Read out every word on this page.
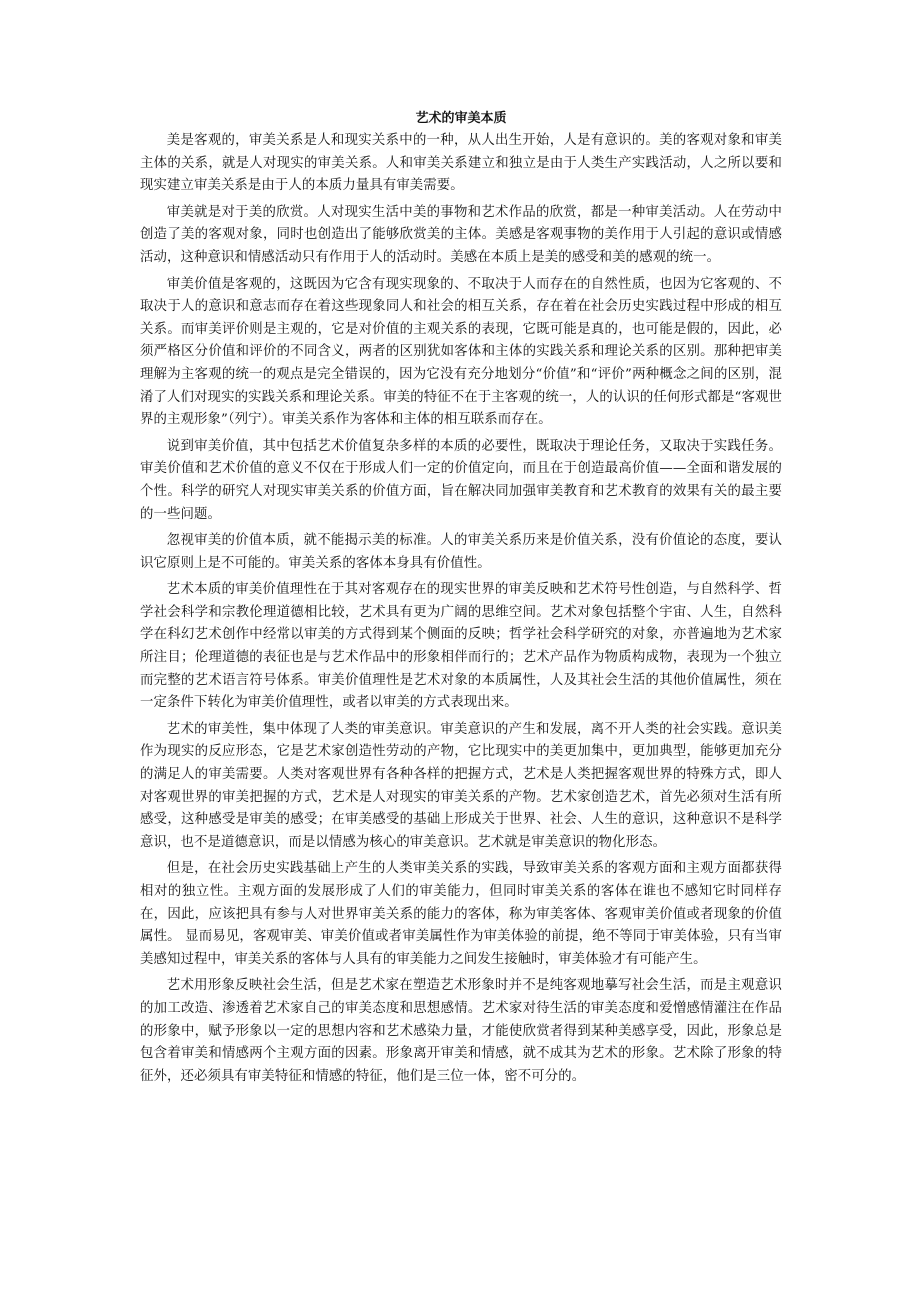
艺术的审美本质

美是客观的，审美关系是人和现实关系中的一种，从人出生开始，人是有意识的。美的客观对象和审美主体的关系，就是人对现实的审美关系。人和审美关系建立和独立是由于人类生产实践活动，人之所以要和现实建立审美关系是由于人的本质力量具有审美需要。

审美就是对于美的欣赏。人对现实生活中美的事物和艺术作品的欣赏，都是一种审美活动。人在劳动中创造了美的客观对象，同时也创造出了能够欣赏美的主体。美感是客观事物的美作用于人引起的意识或情感活动，这种意识和情感活动只有作用于人的活动时。美感在本质上是美的感受和美的感观的统一。

审美价值是客观的，这既因为它含有现实现象的、不取决于人而存在的自然性质，也因为它客观的、不取决于人的意识和意志而存在着这些现象同人和社会的相互关系，存在着在社会历史实践过程中形成的相互关系。而审美评价则是主观的，它是对价值的主观关系的表现，它既可能是真的，也可能是假的，因此，必须严格区分价值和评价的不同含义，两者的区别犹如客体和主体的实践关系和理论关系的区别。那种把审美理解为主客观的统一的观点是完全错误的，因为它没有充分地划分“价值”和“评价”两种概念之间的区别，混淆了人们对现实的实践关系和理论关系。审美的特征不在于主客观的统一，人的认识的任何形式都是“客观世界的主观形象”（列宁）。审美关系作为客体和主体的相互联系而存在。

说到审美价值，其中包括艺术价值复杂多样的本质的必要性，既取决于理论任务，又取决于实践任务。审美价值和艺术价值的意义不仅在于形成人们一定的价值定向，而且在于创造最高价值——全面和谐发展的个性。科学的研究人对现实审美关系的价值方面，旨在解决同加强审美教育和艺术教育的效果有关的最主要的一些问题。

忽视审美的价值本质，就不能揭示美的标准。人的审美关系历来是价值关系，没有价值论的态度，要认识它原则上是不可能的。审美关系的客体本身具有价值性。

艺术本质的审美价值理性在于其对客观存在的现实世界的审美反映和艺术符号性创造，与自然科学、哲学社会科学和宗教伦理道德相比较，艺术具有更为广阔的思维空间。艺术对象包括整个宇宙、人生，自然科学在科幻艺术创作中经常以审美的方式得到某个侧面的反映；哲学社会科学研究的对象，亦普遍地为艺术家所注目；伦理道德的表征也是与艺术作品中的形象相伴而行的；艺术产品作为物质构成物，表现为一个独立而完整的艺术语言符号体系。审美价值理性是艺术对象的本质属性，人及其社会生活的其他价值属性，须在一定条件下转化为审美价值理性，或者以审美的方式表现出来。

艺术的审美性，集中体现了人类的审美意识。审美意识的产生和发展，离不开人类的社会实践。意识美作为现实的反应形态，它是艺术家创造性劳动的产物，它比现实中的美更加集中，更加典型，能够更加充分的满足人的审美需要。人类对客观世界有各种各样的把握方式，艺术是人类把握客观世界的特殊方式，即人对客观世界的审美把握的方式，艺术是人对现实的审美关系的产物。艺术家创造艺术，首先必须对生活有所感受，这种感受是审美的感受；在审美感受的基础上形成关于世界、社会、人生的意识，这种意识不是科学意识，也不是道德意识，而是以情感为核心的审美意识。艺术就是审美意识的物化形态。

但是，在社会历史实践基础上产生的人类审美关系的实践，导致审美关系的客观方面和主观方面都获得相对的独立性。主观方面的发展形成了人们的审美能力，但同时审美关系的客体在谁也不感知它时同样存在，因此，应该把具有参与人对世界审美关系的能力的客体，称为审美客体、客观审美价值或者现象的价值属性。 显而易见，客观审美、审美价值或者审美属性作为审美体验的前提，绝不等同于审美体验，只有当审美感知过程中，审美关系的客体与人具有的审美能力之间发生接触时，审美体验才有可能产生。

艺术用形象反映社会生活，但是艺术家在塑造艺术形象时并不是纯客观地摹写社会生活，而是主观意识的加工改造、渗透着艺术家自己的审美态度和思想感情。艺术家对待生活的审美态度和爱憎感情灌注在作品的形象中，赋予形象以一定的思想内容和艺术感染力量，才能使欣赏者得到某种美感享受，因此，形象总是包含着审美和情感两个主观方面的因素。形象离开审美和情感，就不成其为艺术的形象。艺术除了形象的特征外，还必须具有审美特征和情感的特征，他们是三位一体，密不可分的。
